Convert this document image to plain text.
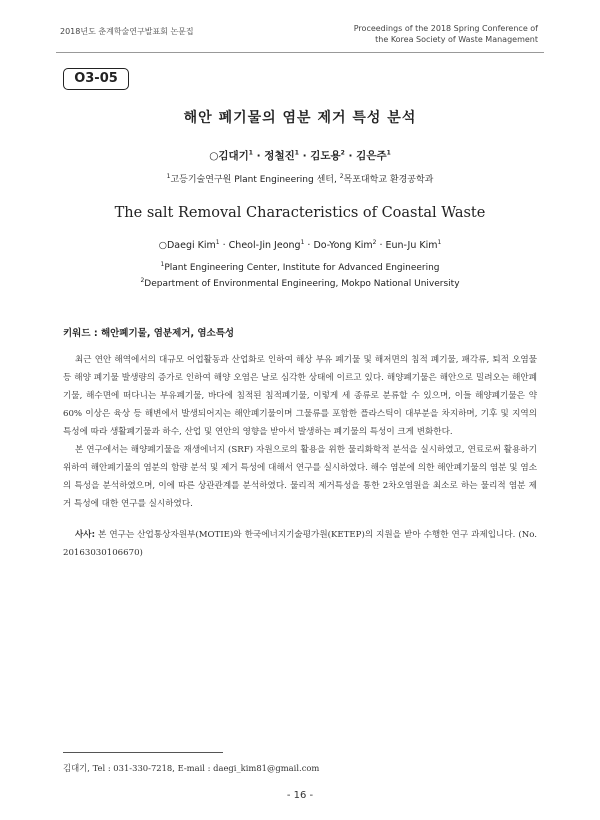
2018년도 춘계학술연구발표회 논문집	Proceedings of the 2018 Spring Conference of
the Korea Society of Waste Management
O3-05
해안 폐기물의 염분 제거 특성 분석
○김대기$^1$ · 정철진$^1$ · 김도용$^2$ · 김은주$^1$
$^1$고등기술연구원 Plant Engineering 센터, $^2$목포대학교 환경공학과
The salt Removal Characteristics of Coastal Waste
○Daegi Kim$^1$ · Cheol-Jin Jeong$^1$ · Do-Yong Kim$^2$ · Eun-Ju Kim$^1$
$^1$Plant Engineering Center, Institute for Advanced Engineering
$^2$Department of Environmental Engineering, Mokpo National University
키워드 : 해안폐기물, 염분제거, 염소특성

최근 연안 해역에서의 대규모 어업활동과 산업화로 인하여 해상 부유 폐기물 및 해저면의 침적 폐기물, 패각류, 퇴적 오염물 등 해양 폐기물 발생량의 증가로 인하여 해양 오염은 날로 심각한 상태에 이르고 있다. 해양폐기물은 해안으로 밀려오는 해안폐기물, 해수면에 떠다니는 부유폐기물, 바다에 침적된 침적폐기물, 이렇게 세 종류로 분류할 수 있으며, 이들 해양폐기물은 약 60% 이상은 육상 등 해변에서 발생되어지는 해안폐기물이며 그물류를 포함한 플라스틱이 대부분을 차지하며, 기후 및 지역의 특성에 따라 생활폐기물과 하수, 산업 및 연안의 영향을 받아서 발생하는 폐기물의 특성이 크게 변화한다.

본 연구에서는 해양폐기물을 재생에너지 (SRF) 자원으로의 활용을 위한 물리화학적 분석을 실시하였고, 연료로써 활용하기 위하여 해안폐기물의 염분의 함량 분석 및 제거 특성에 대해서 연구를 실시하였다. 해수 염분에 의한 해안폐기물의 염분 및 염소의 특성을 분석하였으며, 이에 따른 상관관계를 분석하였다. 물리적 제거특성을 통한 2차오염원을 최소로 하는 물리적 염분 제거 특성에 대한 연구를 실시하였다.

사사: 본 연구는 산업통상자원부(MOTIE)와 한국에너지기술평가원(KETEP)의 지원을 받아 수행한 연구 과제입니다. (No. 20163030106670)

김대기, Tel : 031-330-7218, E-mail : daegi_kim81@gmail.com
- 16 -
